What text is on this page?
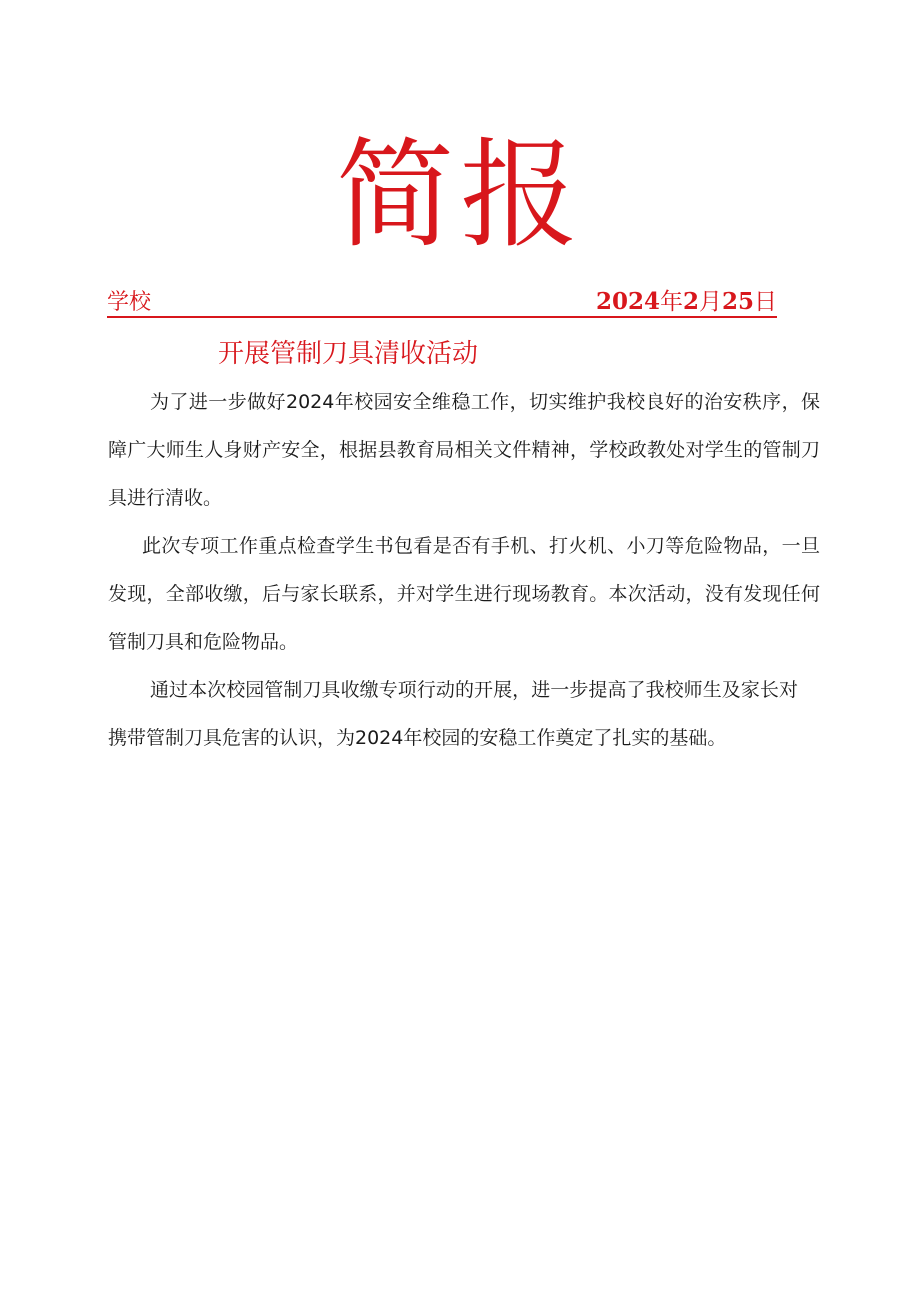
简报
学校	2024年2月25日
开展管制刀具清收活动
为了进一步做好2024年校园安全维稳工作，切实维护我校良好的治安秩序，保障广大师生人身财产安全，根据县教育局相关文件精神，学校政教处对学生的管制刀具进行清收。
此次专项工作重点检查学生书包看是否有手机、打火机、小刀等危险物品，一旦发现，全部收缴，后与家长联系，并对学生进行现场教育。本次活动，没有发现任何管制刀具和危险物品。
通过本次校园管制刀具收缴专项行动的开展，进一步提高了我校师生及家长对携带管制刀具危害的认识，为2024年校园的安稳工作奠定了扎实的基础。
